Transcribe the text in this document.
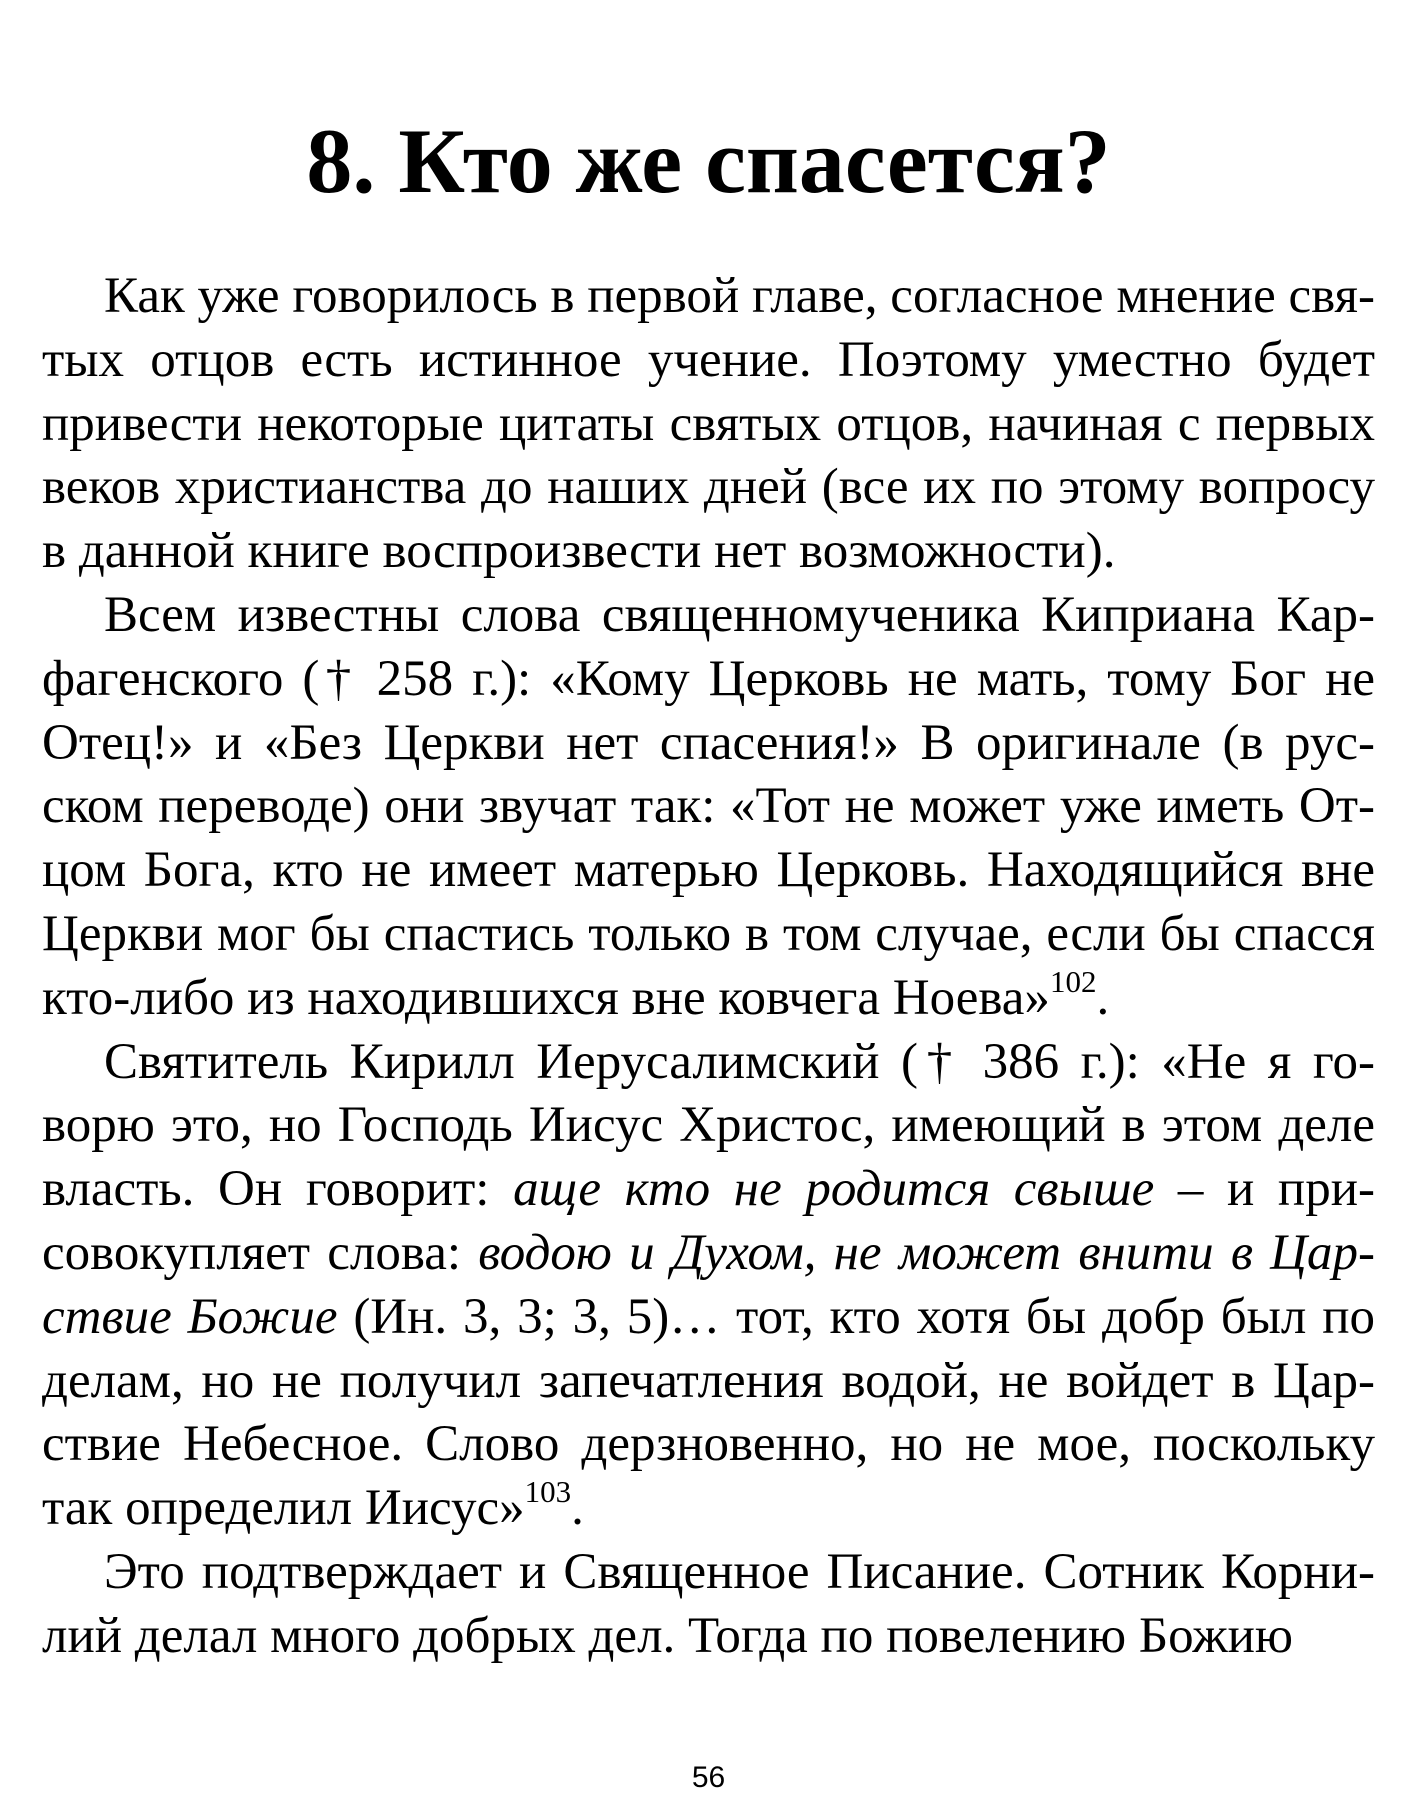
8. Кто же спасется?

Как уже говорилось в первой главе, согласное мнение святых отцов есть истинное учение. Поэтому уместно будет привести некоторые цитаты святых отцов, начиная с первых веков христианства до наших дней (все их по этому вопросу в данной книге воспроизвести нет возможности).

Всем известны слова священномученика Киприана Карфагенского († 258 г.): «Кому Церковь не мать, тому Бог не Отец!» и «Без Церкви нет спасения!» В оригинале (в русском переводе) они звучат так: «Тот не может уже иметь Отцом Бога, кто не имеет матерью Церковь. Находящийся вне Церкви мог бы спастись только в том случае, если бы спасся кто-либо из находившихся вне ковчега Ноева»$^{102}$.

Святитель Кирилл Иерусалимский († 386 г.): «Не я говорю это, но Господь Иисус Христос, имеющий в этом деле власть. Он говорит: аще кто не родится свыше – и присовокупляет слова: водою и Духом, не может внити в Царствие Божие (Ин. 3, 3; 3, 5)… тот, кто хотя бы добр был по делам, но не получил запечатления водой, не войдет в Царствие Небесное. Слово дерзновенно, но не мое, поскольку так определил Иисус»$^{103}$.

Это подтверждает и Священное Писание. Сотник Корнилий делал много добрых дел. Тогда по повелению Божию

56
